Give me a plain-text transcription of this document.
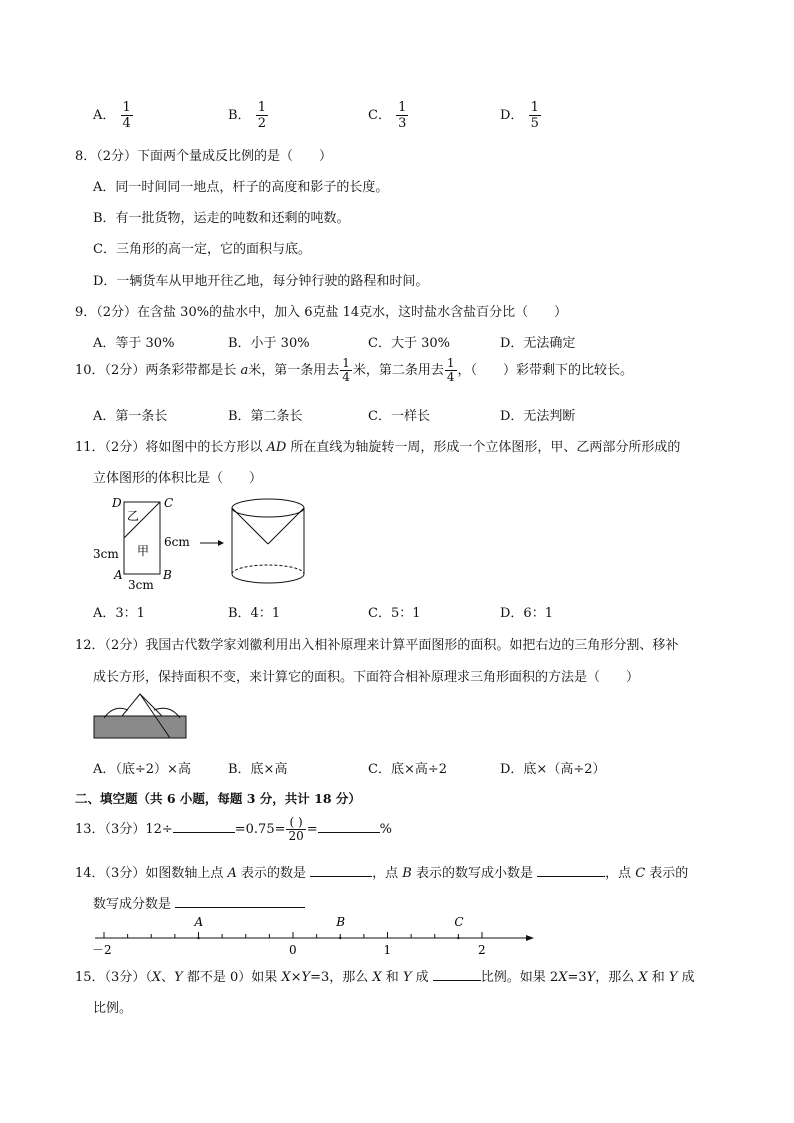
A． $\frac{1}{4}$	B． $\frac{1}{2}$	C． $\frac{1}{3}$	D． $\frac{1}{5}$
8．（2分）下面两个量成反比例的是（　　）
A．同一时间同一地点，杆子的高度和影子的长度。
B．有一批货物，运走的吨数和还剩的吨数。
C．三角形的高一定，它的面积与底。
D．一辆货车从甲地开往乙地，每分钟行驶的路程和时间。
9．（2分）在含盐 30%的盐水中，加入 6克盐 14克水，这时盐水含盐百分比（　　）
A．等于 30%	B．小于 30%	C．大于 30%	D．无法确定
10．（2分）两条彩带都是长 a米，第一条用去 $\frac{1}{4}$ 米，第二条用去 $\frac{1}{4}$ ，（　　）彩带剩下的比较长。
A．第一条长	B．第二条长	C．一样长	D．无法判断
11．（2分）将如图中的长方形以 AD 所在直线为轴旋转一周，形成一个立体图形，甲、乙两部分所形成的
立体图形的体积比是（　　）
D	C
A	B
乙
甲
3cm
6cm
3cm
A．3：1	B．4：1	C．5：1	D．6：1
12．（2分）我国古代数学家刘徽利用出入相补原理来计算平面图形的面积。如把右边的三角形分割、移补
成长方形，保持面积不变，来计算它的面积。下面符合相补原理求三角形面积的方法是（　　）
A．（底÷2）×高	B．底×高	C．底×高÷2	D．底×（高÷2）
二、填空题（共 6 小题，每题 3 分，共计 18 分）
13．（3分）12÷	$=0.75= \frac{( )}{20}$ =	%
14．（3分）如图数轴上点 A 表示的数是	，点 B 表示的数写成小数是	，点 C 表示的
数写成分数是
－2	0	1	2
A	B	C
15．（3分）（X、Y 都不是 0）如果 X×Y=3，那么 X 和 Y 成	比例。如果 2X=3Y，那么 X 和 Y 成
比例。
